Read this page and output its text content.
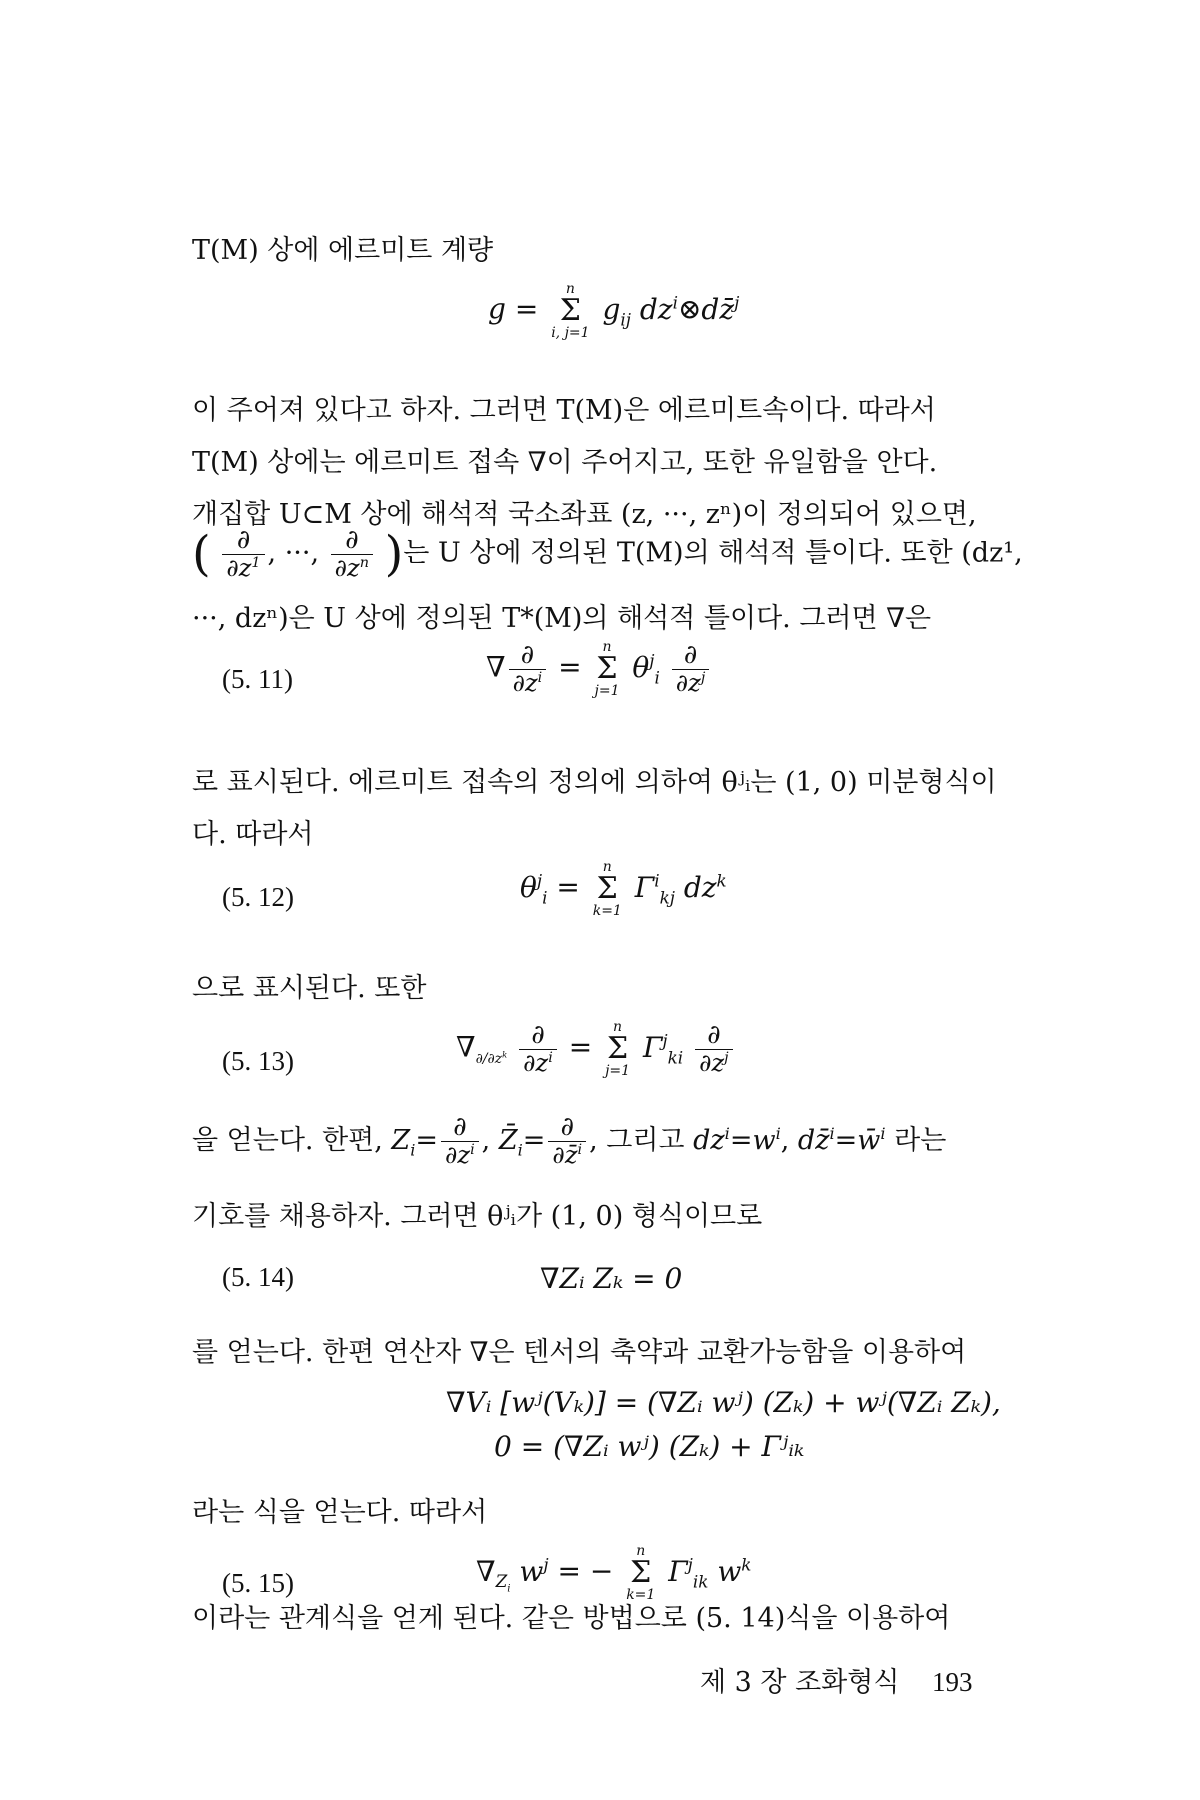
T(M) 상에 에르미트 계량
g =
n
Σ
i, j=1
$g_{ij}$ $dz^i\otimes dz̄^j$
이 주어져 있다고 하자. 그러면 T(M)은 에르미트속이다. 따라서
T(M) 상에는 에르미트 접속 ∇이 주어지고, 또한 유일함을 안다.
개집합 U⊂M 상에 해석적 국소좌표 (z, ···, zⁿ)이 정의되어 있으면,
( $\frac{\partial}{\partial z^1}$ , ···, $\frac{\partial}{\partial z^n}$ )는 U 상에 정의된 T(M)의 해석적 틀이다. 또한 (dz¹,
···, dzⁿ)은 U 상에 정의된 T*(M)의 해석적 틀이다. 그러면 ∇은
(5. 11)	∇ $\frac{\partial}{\partial z^i}$ =
n
Σ
j=1
$\theta^j_i \frac{\partial}{\partial z^j}$
로 표시된다. 에르미트 접속의 정의에 의하여 θʲᵢ는 (1, 0) 미분형식이
다. 따라서
(5. 12)	$\theta^j_i$ =
n
Σ
k=1
$\Gamma^i_{kj}$ $dz^k$
으로 표시된다. 또한
(5. 13)	$\nabla_{\partial/\partial z^k} \frac{\partial}{\partial z^i}$ =
n
Σ
j=1
$\Gamma^j_{ki} \frac{\partial}{\partial z^j}$
을 얻는다. 한편, $Z_i= \frac{\partial}{\partial z^i}$ , $Z̄_i= \frac{\partial}{\partial z̄^i}$ , 그리고 $dz^i=w^i$, dz̄$^i$=w̄$^i$ 라는
기호를 채용하자. 그러면 θʲᵢ가 (1, 0) 형식이므로
(5. 14)	∇Zᵢ Zₖ = 0
를 얻는다. 한편 연산자 ∇은 텐서의 축약과 교환가능함을 이용하여
∇Vᵢ [wʲ(Vₖ)] = (∇Zᵢ wʲ) (Zₖ) + wʲ(∇Zᵢ Zₖ),
0 = (∇Zᵢ wʲ) (Zₖ) + Γʲᵢₖ
라는 식을 얻는다. 따라서
(5. 15)	$\nabla_{Z_i}$ $w^j$ = −
n
Σ
k=1
$\Gamma^j_{ik}$ $w^k$
이라는 관계식을 얻게 된다. 같은 방법으로 (5. 14)식을 이용하여
제 3 장 조화형식 193
